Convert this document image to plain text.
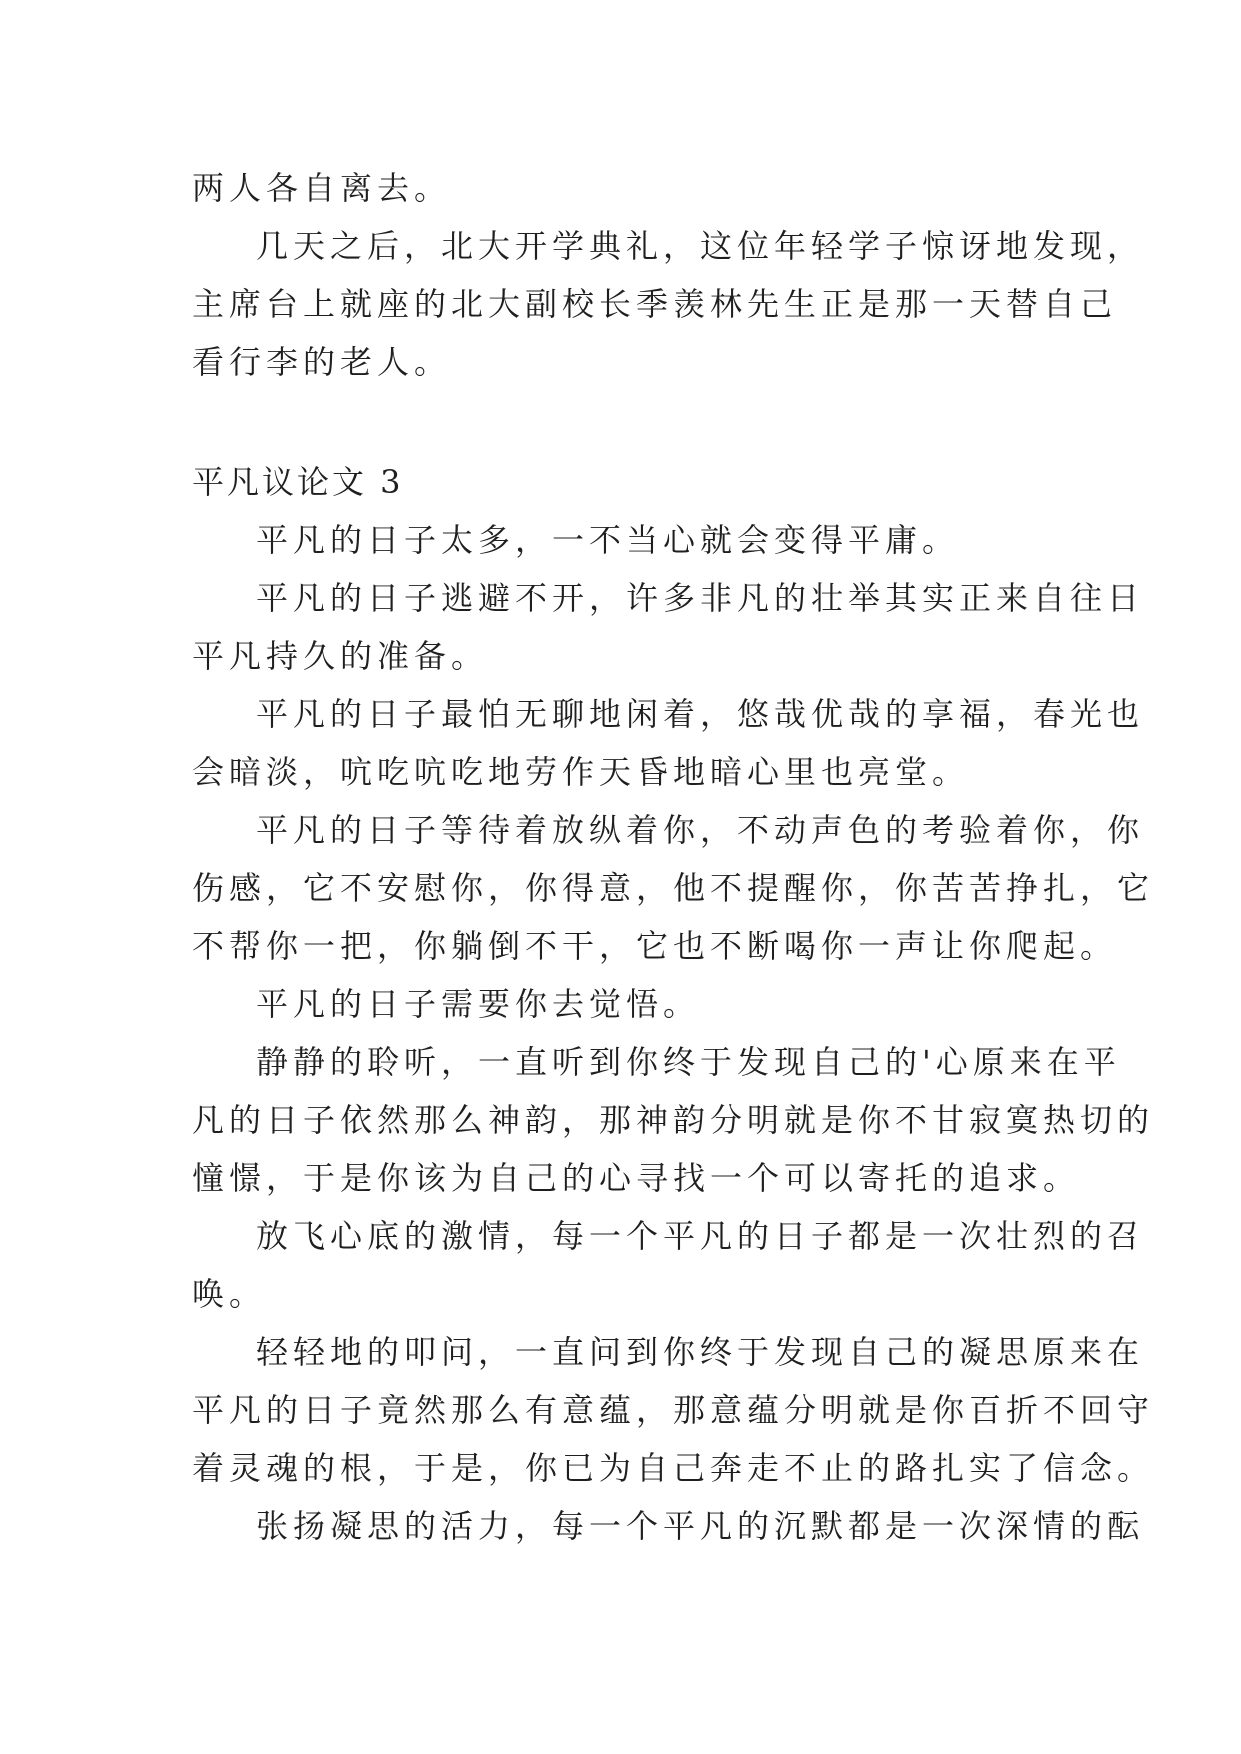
两人各自离去。
几天之后，北大开学典礼，这位年轻学子惊讶地发现，
主席台上就座的北大副校长季羡林先生正是那一天替自己
看行李的老人。
平凡议论文 3
平凡的日子太多，一不当心就会变得平庸。
平凡的日子逃避不开，许多非凡的壮举其实正来自往日
平凡持久的准备。
平凡的日子最怕无聊地闲着，悠哉优哉的享福，春光也
会暗淡，吭吃吭吃地劳作天昏地暗心里也亮堂。
平凡的日子等待着放纵着你，不动声色的考验着你，你
伤感，它不安慰你，你得意，他不提醒你，你苦苦挣扎，它
不帮你一把，你躺倒不干，它也不断喝你一声让你爬起。
平凡的日子需要你去觉悟。
静静的聆听，一直听到你终于发现自己的'心原来在平
凡的日子依然那么神韵，那神韵分明就是你不甘寂寞热切的
憧憬，于是你该为自己的心寻找一个可以寄托的追求。
放飞心底的激情，每一个平凡的日子都是一次壮烈的召
唤。
轻轻地的叩问，一直问到你终于发现自己的凝思原来在
平凡的日子竟然那么有意蕴，那意蕴分明就是你百折不回守
着灵魂的根，于是，你已为自己奔走不止的路扎实了信念。
张扬凝思的活力，每一个平凡的沉默都是一次深情的酝
